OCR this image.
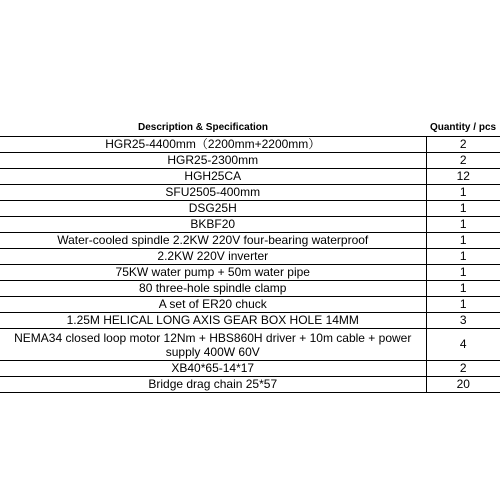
Description & Specification	Quantity / pcs
HGR25-4400mm（2200mm+2200mm）	2
HGR25-2300mm	2
HGH25CA	12
SFU2505-400mm	1
DSG25H	1
BKBF20	1
Water-cooled spindle 2.2KW 220V four-bearing waterproof	1
2.2KW 220V inverter	1
75KW water pump + 50m water pipe	1
80 three-hole spindle clamp	1
A set of ER20 chuck	1
1.25M HELICAL LONG AXIS GEAR BOX HOLE 14MM	3
NEMA34 closed loop motor 12Nm + HBS860H driver + 10m cable + power supply 400W 60V	4
XB40*65-14*17	2
Bridge drag chain 25*57	20
